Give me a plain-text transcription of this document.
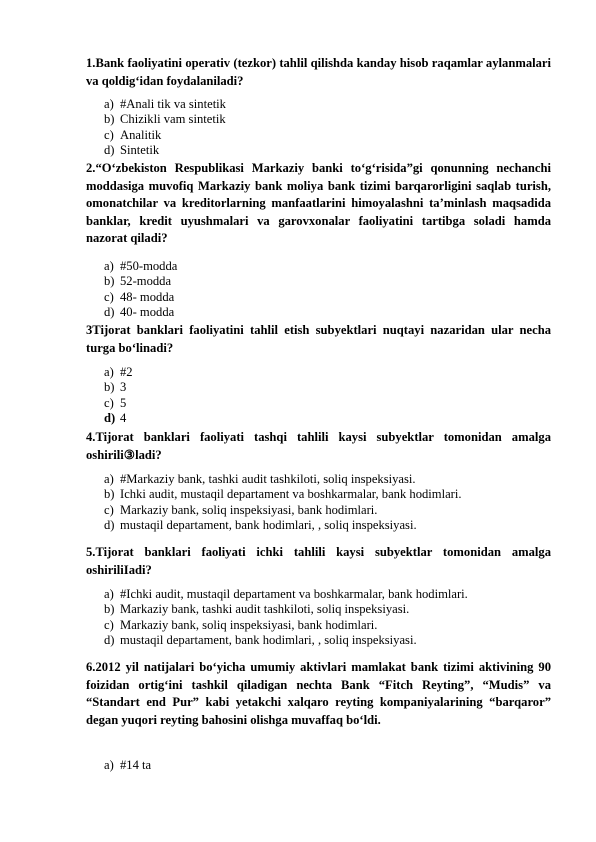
1.Bank faoliyatini operativ (tezkor) tahlil qilishda kanday hisob raqamlar aylanmalari va qoldig‘idan foydalaniladi?
a) #Anali tik va sintetik
b) Chizikli vam sintetik
c) Analitik
d) Sintetik
2.“O‘zbekiston Respublikasi Markaziy banki to‘g‘risida”gi qonunning nechanchi moddasiga muvofiq Markaziy bank moliya bank tizimi barqarorligini saqlab turish, omonatchilar va kreditorlarning manfaatlarini himoyalashni ta’minlash maqsadida banklar, kredit uyushmalari va garovxonalar faoliyatini tartibga soladi hamda nazorat qiladi?
a) #50-modda
b) 52-modda
c) 48- modda
d) 40- modda
3Tijorat banklari faoliyatini tahlil etish subyektlari nuqtayi nazaridan ular necha turga bo‘linadi?
a) #2
b) 3
c) 5
d) 4
4.Tijorat banklari faoliyati tashqi tahlili kaysi subyektlar tomonidan amalga oshirili③ladi?
a) #Markaziy bank, tashki audit tashkiloti, soliq inspeksiyasi.
b) Ichki audit, mustaqil departament va boshkarmalar, bank hodimlari.
c) Markaziy bank, soliq inspeksiyasi, bank hodimlari.
d) mustaqil departament, bank hodimlari, , soliq inspeksiyasi.
5.Tijorat banklari faoliyati ichki tahlili kaysi subyektlar tomonidan amalga oshiriliIadi?
a) #Ichki audit, mustaqil departament va boshkarmalar, bank hodimlari.
b) Markaziy bank, tashki audit tashkiloti, soliq inspeksiyasi.
c) Markaziy bank, soliq inspeksiyasi, bank hodimlari.
d) mustaqil departament, bank hodimlari, , soliq inspeksiyasi.
6.2012 yil natijalari bo‘yicha umumiy aktivlari mamlakat bank tizimi aktivining 90 foizidan ortig‘ini tashkil qiladigan nechta Bank “Fitch Reyting”, “Mudis” va “Standart end Pur” kabi yetakchi xalqaro reyting kompaniyalarining “barqaror” degan yuqori reyting bahosini olishga muvaffaq bo‘ldi.
a) #14 ta
